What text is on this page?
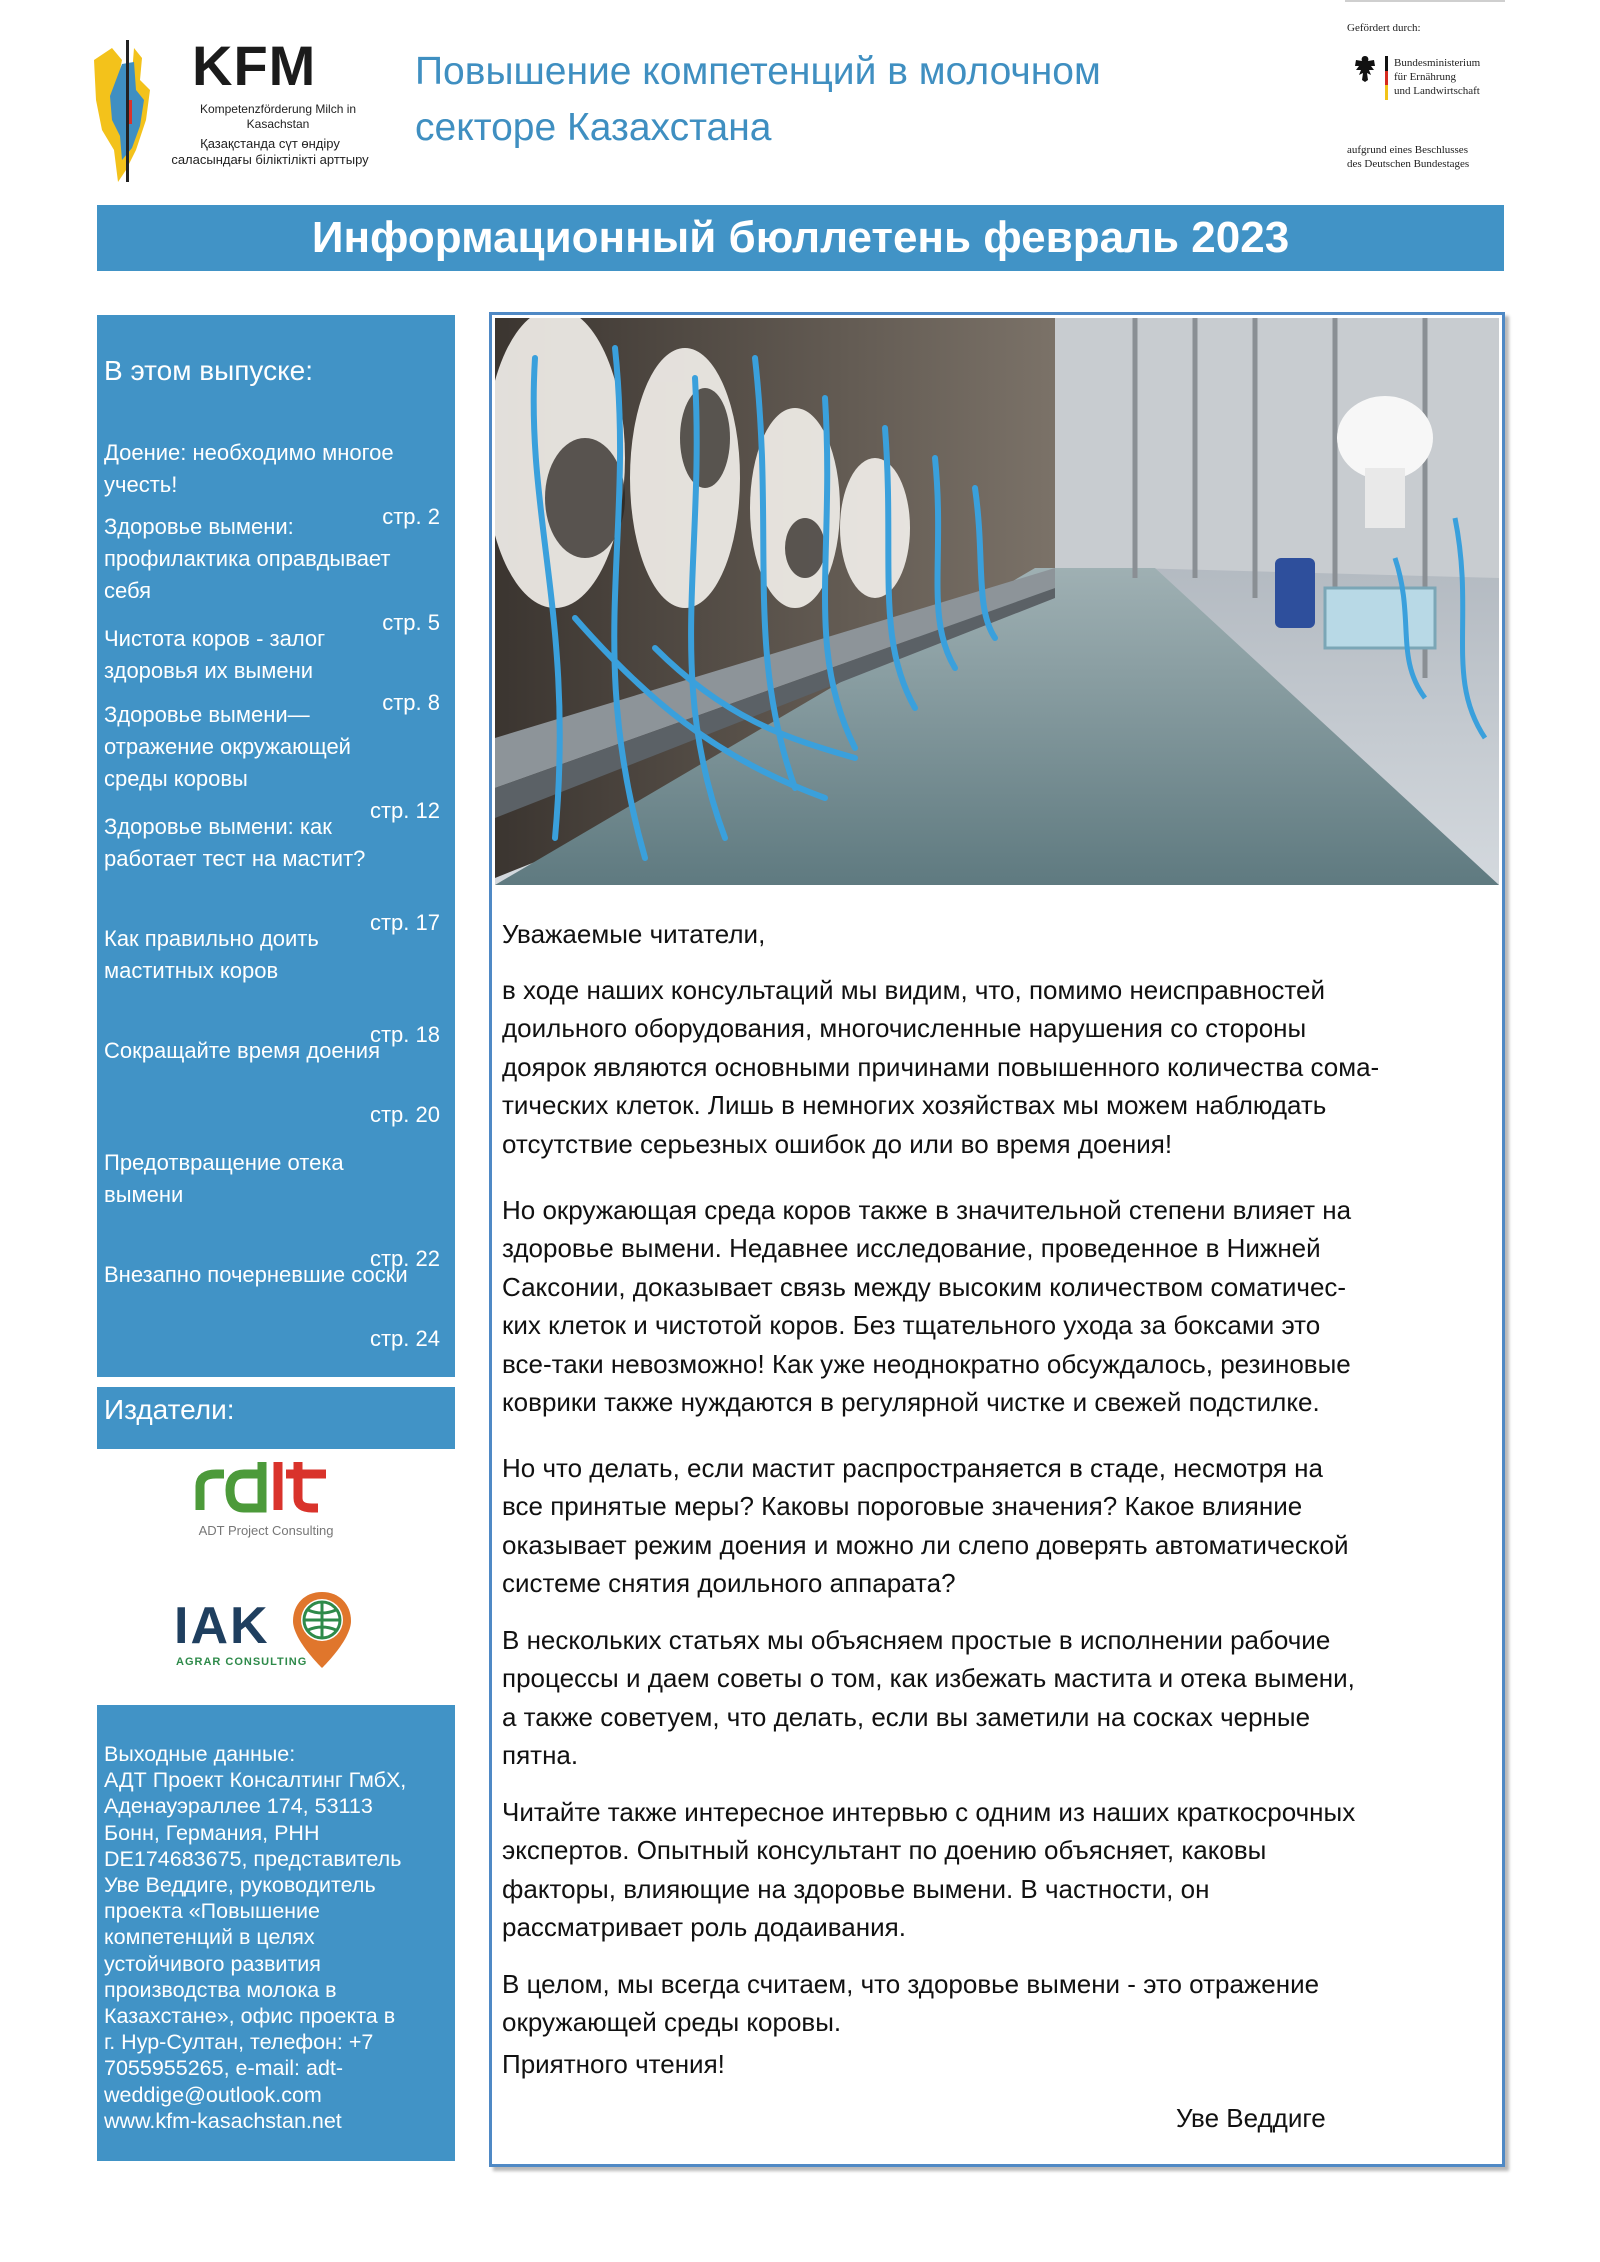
KFM
Kompetenzförderung Milch in Kasachstan
Қазақстанда сүт өндіру саласындағы біліктілікті арттыру
Повышение компетенций в молочном
секторе Казахстана
Gefördert durch:
Bundesministerium
für Ernährung
und Landwirtschaft
aufgrund eines Beschlusses
des Deutschen Bundestages
Информационный бюллетень февраль 2023
В этом выпуске:
Доение: необходимо многое
учесть!
стр. 2
Здоровье вымени:
профилактика оправдывает
себя
стр. 5
Чистота коров - залог
здоровья их вымени
стр. 8
Здоровье вымени—
отражение окружающей
среды коровы
стр. 12
Здоровье вымени: как
работает тест на мастит?

стр. 17
Как правильно доить
маститных коров

стр. 18
Сокращайте время доения

стр. 20
Предотвращение отека
вымени

стр. 22
Внезапно почерневшие соски

стр. 24
Издатели:
ADT Project Consulting
IAK
AGRAR CONSULTING
Выходные данные:
АДТ Проект Консалтинг ГмбХ,
Аденауэраллее 174, 53113
Бонн, Германия, РНН
DE174683675, представитель
Уве Веддиге, руководитель
проекта «Повышение
компетенций в целях
устойчивого развития
производства молока в
Казахстане», офис проекта в
г. Нур-Султан, телефон: +7
7055955265, e-mail: adt-
weddige@outlook.com
www.kfm-kasachstan.net
Уважаемые читатели,
в ходе наших консультаций мы видим, что, помимо неисправностей
доильного оборудования, многочисленные нарушения со стороны
доярок являются основными причинами повышенного количества сома-
тических клеток. Лишь в немногих хозяйствах мы можем наблюдать
отсутствие серьезных ошибок до или во время доения!
Но окружающая среда коров также в значительной степени влияет на
здоровье вымени. Недавнее исследование, проведенное в Нижней
Саксонии, доказывает связь между высоким количеством соматичес-
ких клеток и чистотой коров. Без тщательного ухода за боксами это
все-таки невозможно! Как уже неоднократно обсуждалось, резиновые
коврики также нуждаются в регулярной чистке и свежей подстилке.
Но что делать, если мастит распространяется в стаде, несмотря на
все принятые меры? Каковы пороговые значения? Какое влияние
оказывает режим доения и можно ли слепо доверять автоматической
системе снятия доильного аппарата?
В нескольких статьях мы объясняем простые в исполнении рабочие
процессы и даем советы о том, как избежать мастита и отека вымени,
а также советуем, что делать, если вы заметили на сосках черные
пятна.
Читайте также интересное интервью с одним из наших краткосрочных
экспертов. Опытный консультант по доению объясняет, каковы
факторы, влияющие на здоровье вымени. В частности, он
рассматривает роль додаивания.
В целом, мы всегда считаем, что здоровье вымени - это отражение
окружающей среды коровы.
Приятного чтения!
Уве Веддиге
